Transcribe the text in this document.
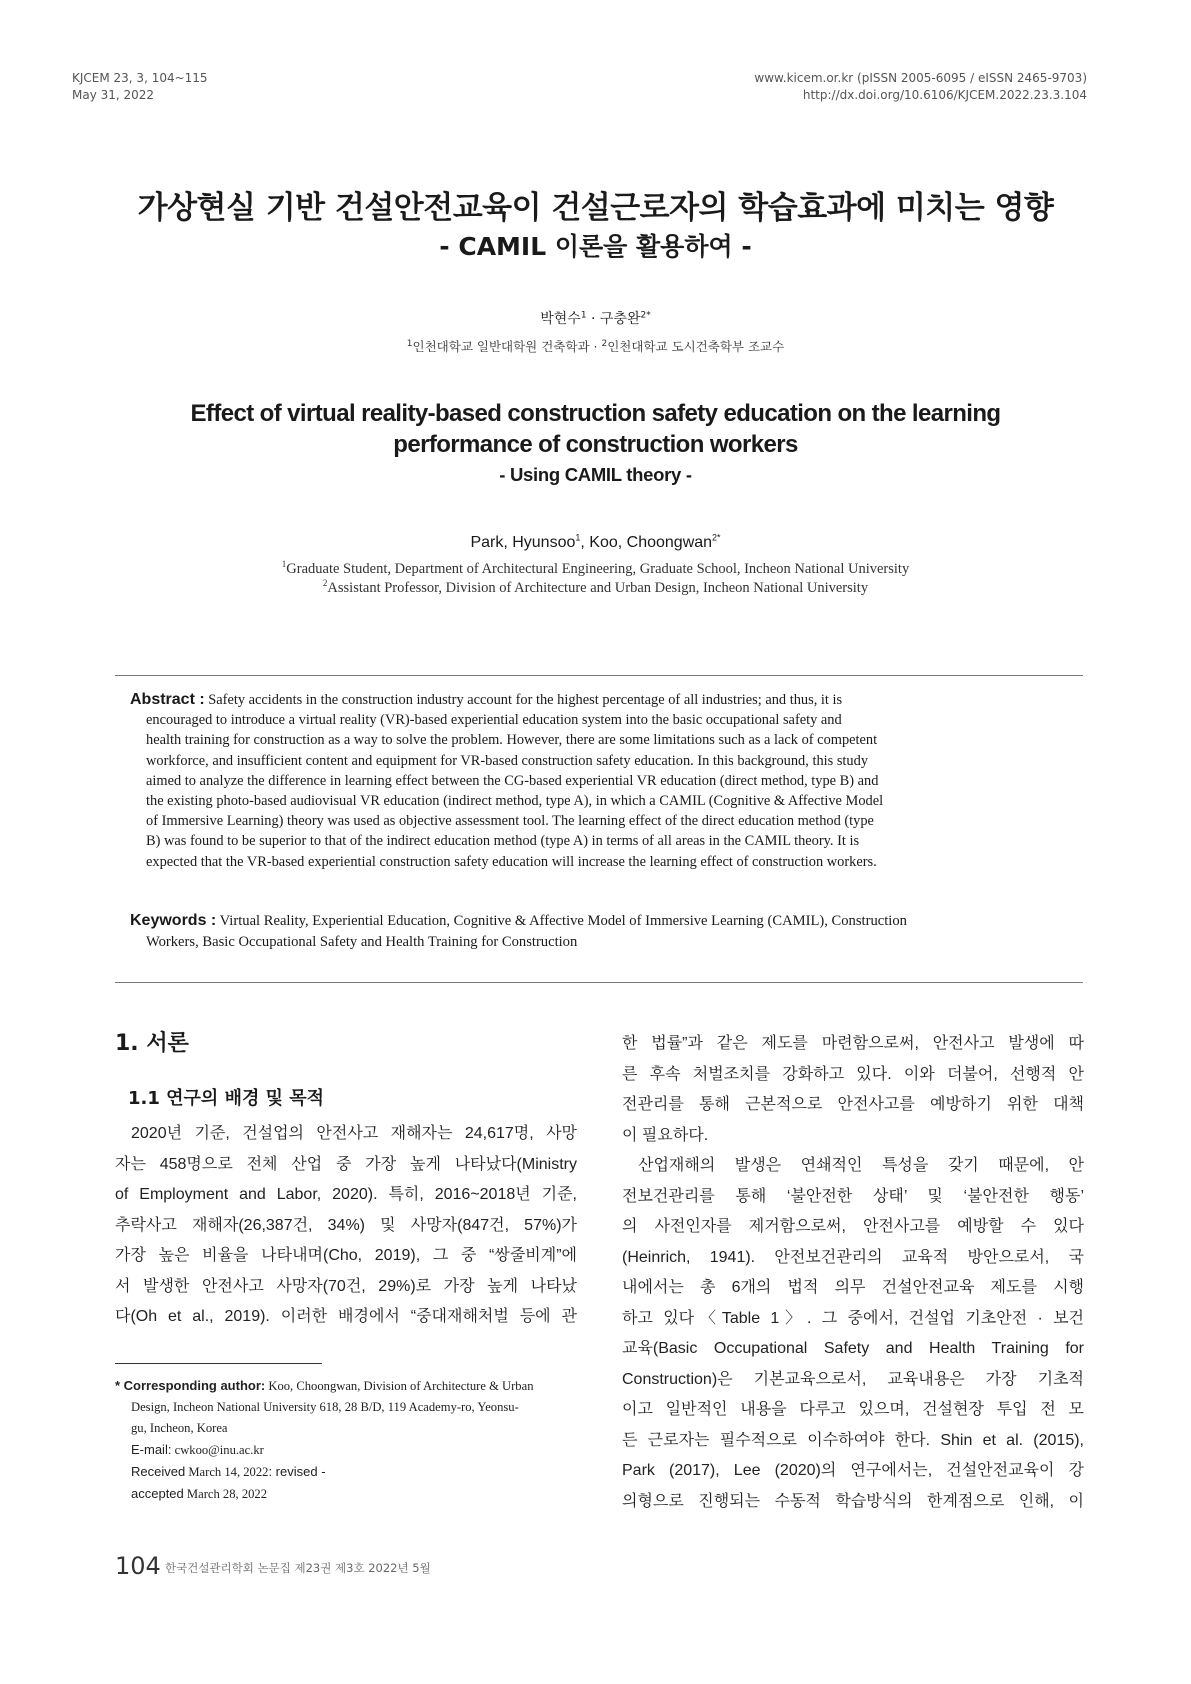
KJCEM 23, 3, 104~115
May 31, 2022
www.kicem.or.kr (pISSN 2005-6095 / eISSN 2465-9703)
http://dx.doi.org/10.6106/KJCEM.2022.23.3.104
가상현실 기반 건설안전교육이 건설근로자의 학습효과에 미치는 영향
- CAMIL 이론을 활용하여 -
박현수$^1$ · 구충완$^{2*}$
$^1$인천대학교 일반대학원 건축학과 · $^2$인천대학교 도시건축학부 조교수
Effect of virtual reality-based construction safety education on the learning
performance of construction workers
- Using CAMIL theory -
Park, Hyunsoo$^1$, Koo, Choongwan$^{2*}$
$^1$Graduate Student, Department of Architectural Engineering, Graduate School, Incheon National University
$^2$Assistant Professor, Division of Architecture and Urban Design, Incheon National University
Abstract : Safety accidents in the construction industry account for the highest percentage of all industries; and thus, it is
encouraged to introduce a virtual reality (VR)-based experiential education system into the basic occupational safety and
health training for construction as a way to solve the problem. However, there are some limitations such as a lack of competent
workforce, and insufficient content and equipment for VR-based construction safety education. In this background, this study
aimed to analyze the difference in learning effect between the CG-based experiential VR education (direct method, type B) and
the existing photo-based audiovisual VR education (indirect method, type A), in which a CAMIL (Cognitive & Affective Model
of Immersive Learning) theory was used as objective assessment tool. The learning effect of the direct education method (type
B) was found to be superior to that of the indirect education method (type A) in terms of all areas in the CAMIL theory. It is
expected that the VR-based experiential construction safety education will increase the learning effect of construction workers.
Keywords : Virtual Reality, Experiential Education, Cognitive & Affective Model of Immersive Learning (CAMIL), Construction
Workers, Basic Occupational Safety and Health Training for Construction
1. 서론
1.1 연구의 배경 및 목적
2020년 기준, 건설업의 안전사고 재해자는 24,617명, 사망
자는 458명으로 전체 산업 중 가장 높게 나타났다(Ministry
of Employment and Labor, 2020). 특히, 2016~2018년 기준,
추락사고 재해자(26,387건, 34%) 및 사망자(847건, 57%)가
가장 높은 비율을 나타내며(Cho, 2019), 그 중 “쌍줄비계”에
서 발생한 안전사고 사망자(70건, 29%)로 가장 높게 나타났
다(Oh et al., 2019). 이러한 배경에서 “중대재해처벌 등에 관
한 법률”과 같은 제도를 마련함으로써, 안전사고 발생에 따
른 후속 처벌조치를 강화하고 있다. 이와 더불어, 선행적 안
전관리를 통해 근본적으로 안전사고를 예방하기 위한 대책
이 필요하다.
산업재해의 발생은 연쇄적인 특성을 갖기 때문에, 안
전보건관리를 통해 ‘불안전한 상태’ 및 ‘불안전한 행동’
의 사전인자를 제거함으로써, 안전사고를 예방할 수 있다
(Heinrich, 1941). 안전보건관리의 교육적 방안으로서, 국
내에서는 총 6개의 법적 의무 건설안전교육 제도를 시행
하고 있다〈Table 1〉. 그 중에서, 건설업 기초안전 · 보건
교육(Basic Occupational Safety and Health Training for
Construction)은 기본교육으로서, 교육내용은 가장 기초적
이고 일반적인 내용을 다루고 있으며, 건설현장 투입 전 모
든 근로자는 필수적으로 이수하여야 한다. Shin et al. (2015),
Park (2017), Lee (2020)의 연구에서는, 건설안전교육이 강
의형으로 진행되는 수동적 학습방식의 한계점으로 인해, 이
* Corresponding author: Koo, Choongwan, Division of Architecture & Urban
Design, Incheon National University 618, 28 B/D, 119 Academy-ro, Yeonsu-
gu, Incheon, Korea
E-mail: cwkoo@inu.ac.kr
Received March 14, 2022: revised -
accepted March 28, 2022
104 한국건설관리학회 논문집 제23권 제3호 2022년 5월
